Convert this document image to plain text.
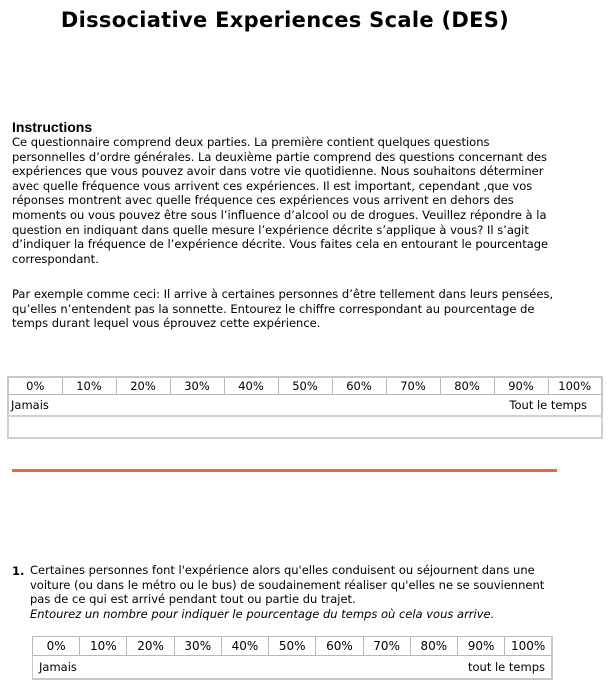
Dissociative Experiences Scale (DES)
Instructions
Ce questionnaire comprend deux parties. La première contient quelques questions personnelles d’ordre générales. La deuxième partie comprend des questions concernant des expériences que vous pouvez avoir dans votre vie quotidienne. Nous souhaitons déterminer avec quelle fréquence vous arrivent ces expériences. Il est important, cependant ,que vos réponses montrent avec quelle fréquence ces expériences vous arrivent en dehors des moments ou vous pouvez être sous l’influence d’alcool ou de drogues. Veuillez répondre à la question en indiquant dans quelle mesure l’expérience décrite s’applique à vous? Il s’agit d’indiquer la fréquence de l’expérience décrite. Vous faites cela en entourant le pourcentage correspondant.
Par exemple comme ceci: Il arrive à certaines personnes d’être tellement dans leurs pensées, qu’elles n’entendent pas la sonnette. Entourez le chiffre correspondant au pourcentage de temps durant lequel vous éprouvez cette expérience.
0%	10%	20%	30%	40%	50%	60%	70%	80%	90%	100%
Jamais						Tout le temps				

1. Certaines personnes font l'expérience alors qu'elles conduisent ou séjournent dans une voiture (ou dans le métro ou le bus) de soudainement réaliser qu'elles ne se souviennent pas de ce qui est arrivé pendant tout ou partie du trajet.
Entourez un nombre pour indiquer le pourcentage du temps où cela vous arrive.
0%	10%	20%	30%	40%	50%	60%	70%	80%	90%	100%
Jamais						tout le temps				
